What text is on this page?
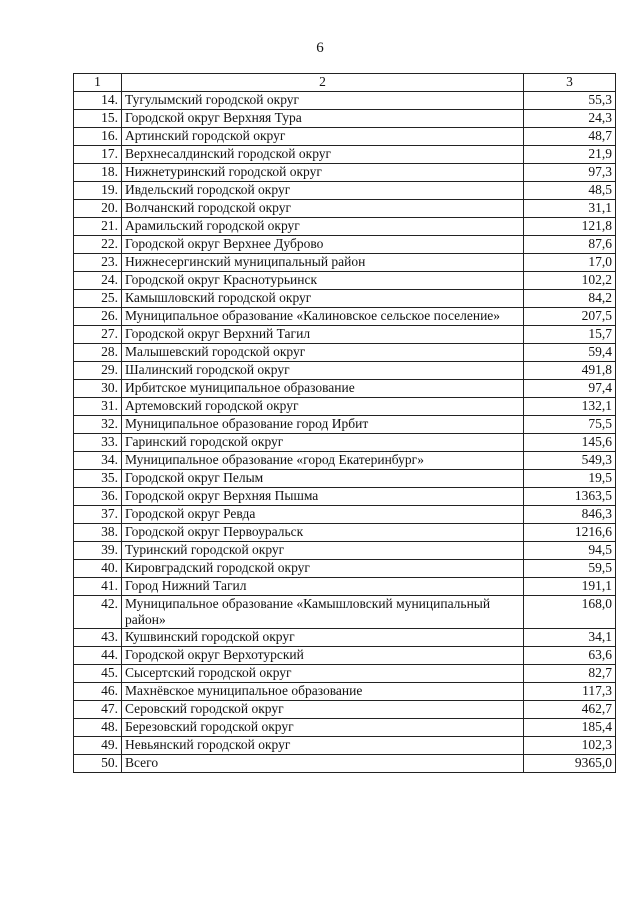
6
1	2	3
14.	Тугулымский городской округ	55,3
15.	Городской округ Верхняя Тура	24,3
16.	Артинский городской округ	48,7
17.	Верхнесалдинский городской округ	21,9
18.	Нижнетуринский городской округ	97,3
19.	Ивдельский городской округ	48,5
20.	Волчанский городской округ	31,1
21.	Арамильский городской округ	121,8
22.	Городской округ Верхнее Дуброво	87,6
23.	Нижнесергинский муниципальный район	17,0
24.	Городской округ Краснотурьинск	102,2
25.	Камышловский городской округ	84,2
26.	Муниципальное образование «Калиновское сельское поселение»	207,5
27.	Городской округ Верхний Тагил	15,7
28.	Малышевский городской округ	59,4
29.	Шалинский городской округ	491,8
30.	Ирбитское муниципальное образование	97,4
31.	Артемовский городской округ	132,1
32.	Муниципальное образование город Ирбит	75,5
33.	Гаринский городской округ	145,6
34.	Муниципальное образование «город Екатеринбург»	549,3
35.	Городской округ Пелым	19,5
36.	Городской округ Верхняя Пышма	1363,5
37.	Городской округ Ревда	846,3
38.	Городской округ Первоуральск	1216,6
39.	Туринский городской округ	94,5
40.	Кировградский городской округ	59,5
41.	Город Нижний Тагил	191,1
42.	Муниципальное образование «Камышловский муниципальный район»	168,0
43.	Кушвинский городской округ	34,1
44.	Городской округ Верхотурский	63,6
45.	Сысертский городской округ	82,7
46.	Махнёвское муниципальное образование	117,3
47.	Серовский городской округ	462,7
48.	Березовский городской округ	185,4
49.	Невьянский городской округ	102,3
50.	Всего	9365,0
